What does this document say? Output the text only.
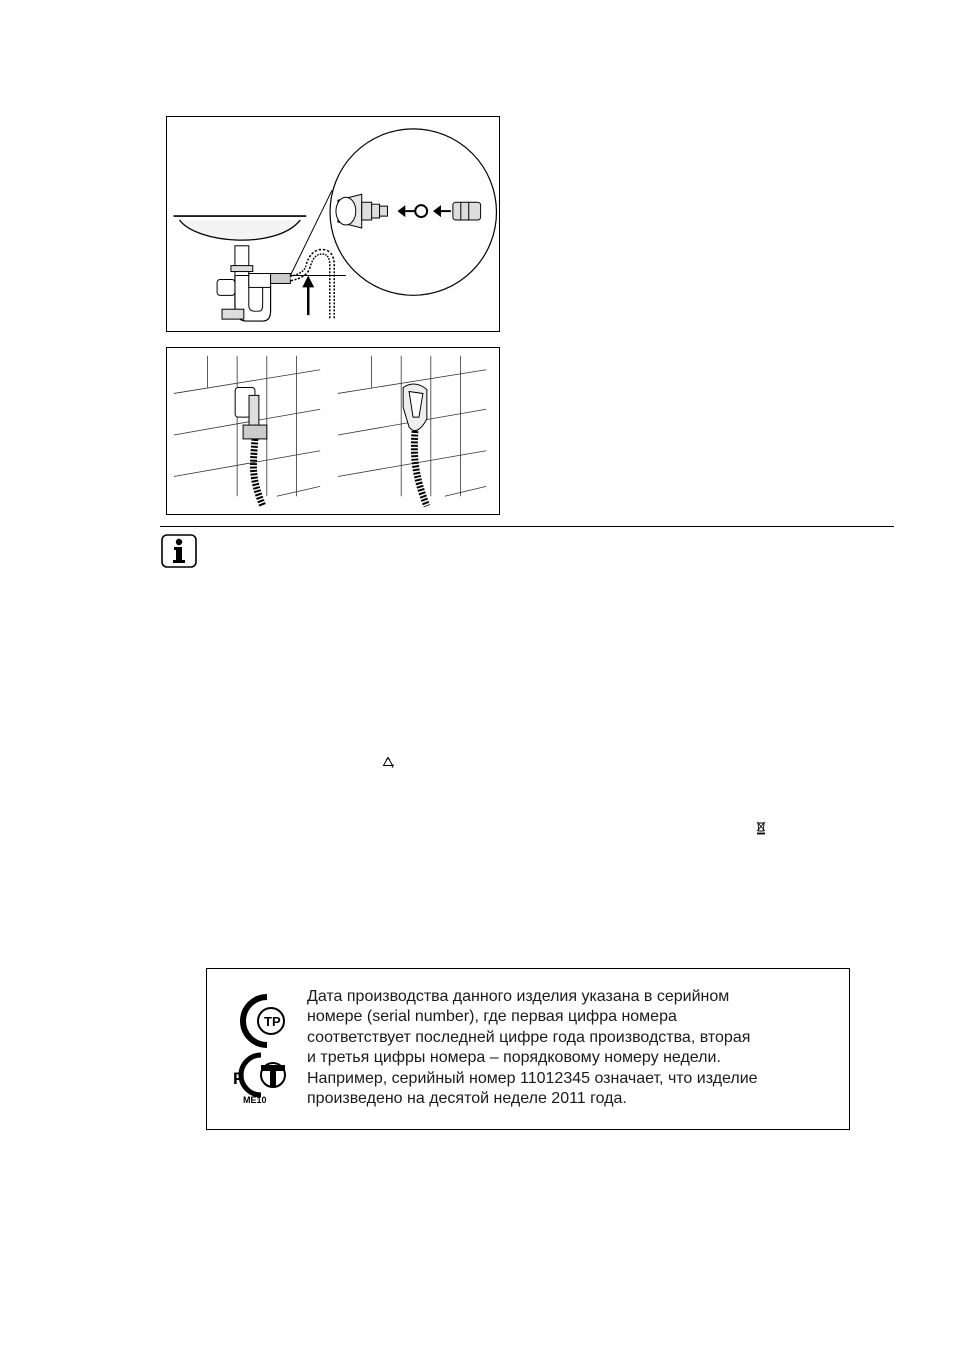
ТР
Р
ME10
Дата производства данного изделия указана в серийном
номере (serial number), где первая цифра номера
соответствует последней цифре года производства, вторая
и третья цифры номера – порядковому номеру недели.
Например, серийный номер 11012345 означает, что изделие
произведено на десятой неделе 2011 года.
